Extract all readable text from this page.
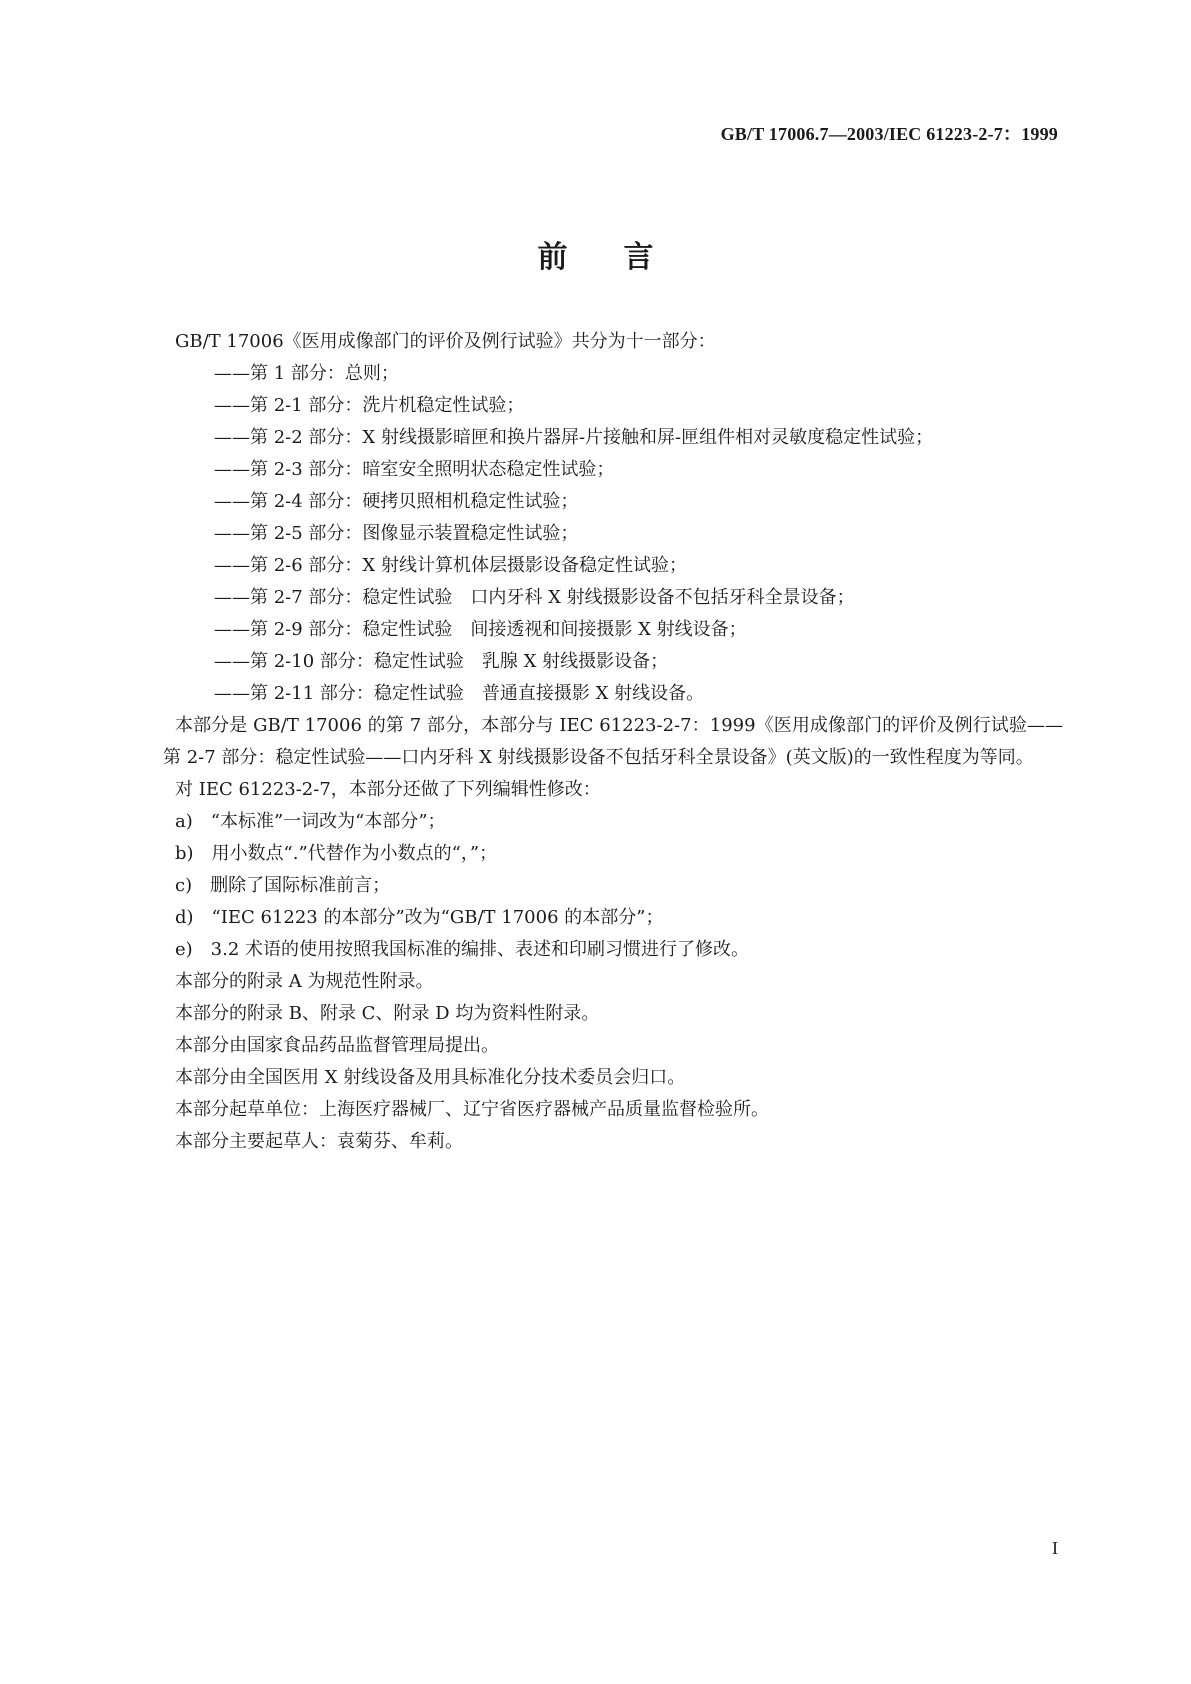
GB/T 17006.7—2003/IEC 61223-2-7：1999
前言

GB/T 17006《医用成像部门的评价及例行试验》共分为十一部分：

——第 1 部分：总则；

——第 2-1 部分：洗片机稳定性试验；

——第 2-2 部分：X 射线摄影暗匣和换片器屏-片接触和屏-匣组件相对灵敏度稳定性试验；

——第 2-3 部分：暗室安全照明状态稳定性试验；

——第 2-4 部分：硬拷贝照相机稳定性试验；

——第 2-5 部分：图像显示装置稳定性试验；

——第 2-6 部分：X 射线计算机体层摄影设备稳定性试验；

——第 2-7 部分：稳定性试验　口内牙科 X 射线摄影设备不包括牙科全景设备；

——第 2-9 部分：稳定性试验　间接透视和间接摄影 X 射线设备；

——第 2-10 部分：稳定性试验　乳腺 X 射线摄影设备；

——第 2-11 部分：稳定性试验　普通直接摄影 X 射线设备。

本部分是 GB/T 17006 的第 7 部分，本部分与 IEC 61223-2-7：1999《医用成像部门的评价及例行试验——第 2-7 部分：稳定性试验——口内牙科 X 射线摄影设备不包括牙科全景设备》(英文版)的一致性程度为等同。

对 IEC 61223-2-7，本部分还做了下列编辑性修改：

a)　“本标准”一词改为“本部分”；

b)　用小数点“.”代替作为小数点的“，”；

c)　删除了国际标准前言；

d)　“IEC 61223 的本部分”改为“GB/T 17006 的本部分”；

e)　3.2 术语的使用按照我国标准的编排、表述和印刷习惯进行了修改。

本部分的附录 A 为规范性附录。

本部分的附录 B、附录 C、附录 D 均为资料性附录。

本部分由国家食品药品监督管理局提出。

本部分由全国医用 X 射线设备及用具标准化分技术委员会归口。

本部分起草单位：上海医疗器械厂、辽宁省医疗器械产品质量监督检验所。

本部分主要起草人：袁菊芬、牟莉。

I
